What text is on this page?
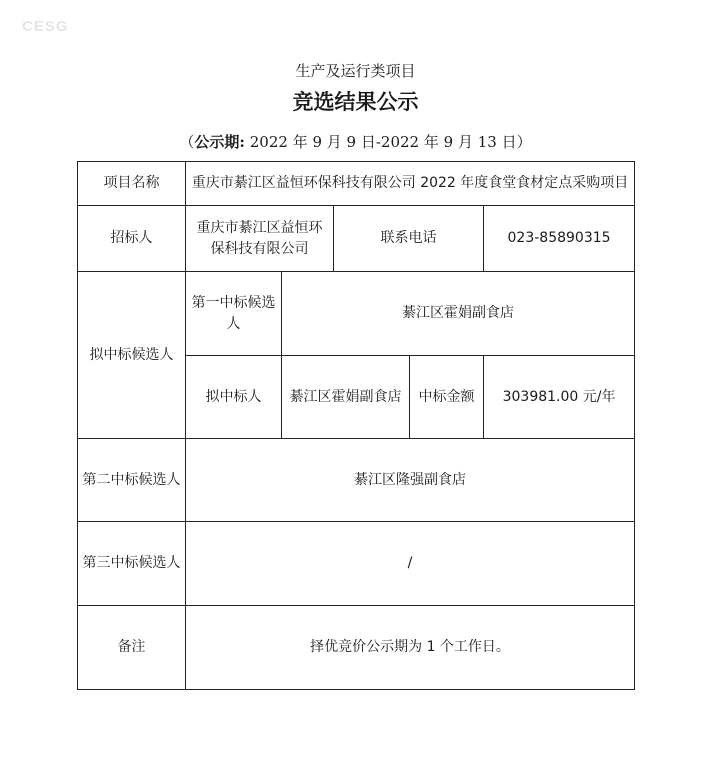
CESG
生产及运行类项目
竞选结果公示
（公示期: 2022 年 9 月 9 日-2022 年 9 月 13 日）
项目名称	重庆市綦江区益恒环保科技有限公司 2022 年度食堂食材定点采购项目				
招标人	重庆市綦江区益恒环保科技有限公司		联系电话		023-85890315
拟中标候选人	第一中标候选人	綦江区霍娟副食店			
	拟中标人	綦江区霍娟副食店		中标金额	303981.00 元/年
第二中标候选人	綦江区隆强副食店				
第三中标候选人	/				
备注	择优竞价公示期为 1 个工作日。				
